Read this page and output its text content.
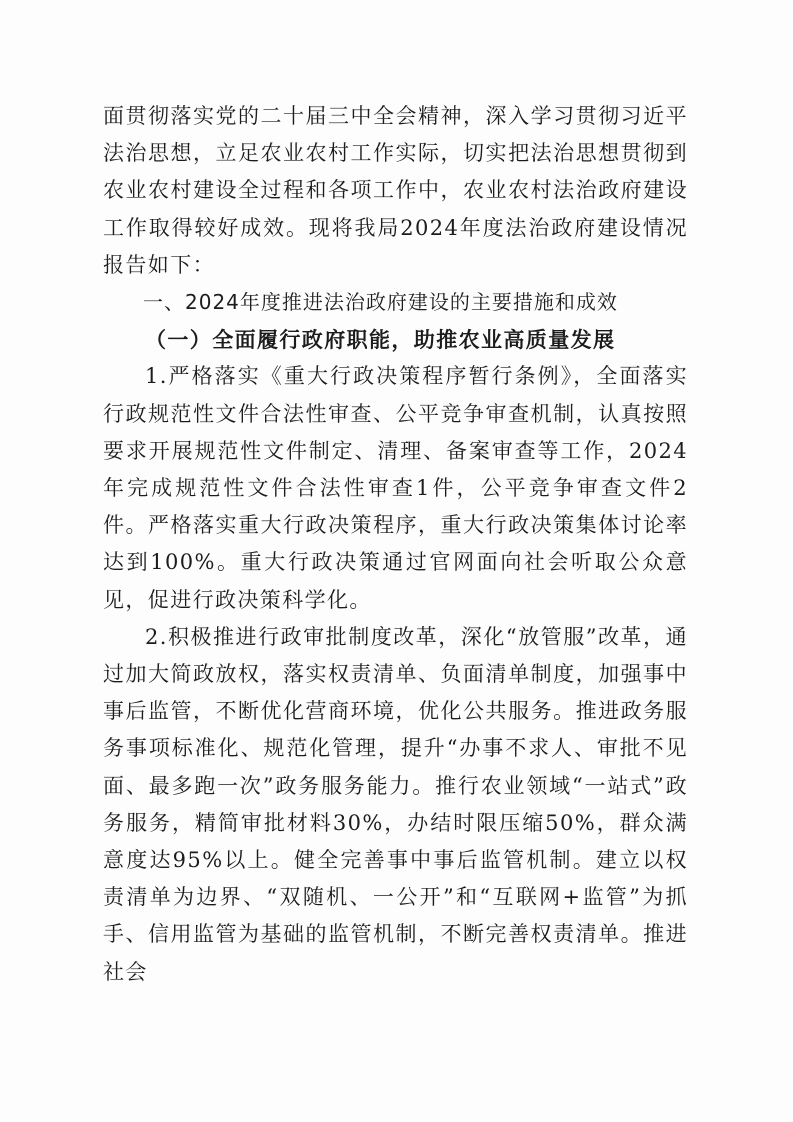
面贯彻落实党的二十届三中全会精神，深入学习贯彻习近平法治思想，立足农业农村工作实际，切实把法治思想贯彻到农业农村建设全过程和各项工作中，农业农村法治政府建设工作取得较好成效。现将我局2024年度法治政府建设情况报告如下：

一、2024年度推进法治政府建设的主要措施和成效

（一）全面履行政府职能，助推农业高质量发展

1.严格落实《重大行政决策程序暂行条例》，全面落实行政规范性文件合法性审查、公平竞争审查机制，认真按照要求开展规范性文件制定、清理、备案审查等工作，2024年完成规范性文件合法性审查1件，公平竞争审查文件2件。严格落实重大行政决策程序，重大行政决策集体讨论率达到100%。重大行政决策通过官网面向社会听取公众意见，促进行政决策科学化。

2.积极推进行政审批制度改革，深化“放管服”改革，通过加大简政放权，落实权责清单、负面清单制度，加强事中事后监管，不断优化营商环境，优化公共服务。推进政务服务事项标准化、规范化管理，提升“办事不求人、审批不见面、最多跑一次”政务服务能力。推行农业领域“一站式”政务服务，精简审批材料30%，办结时限压缩50%，群众满意度达95%以上。健全完善事中事后监管机制。建立以权责清单为边界、“双随机、一公开”和“互联网+监管”为抓手、信用监管为基础的监管机制，不断完善权责清单。推进社会
